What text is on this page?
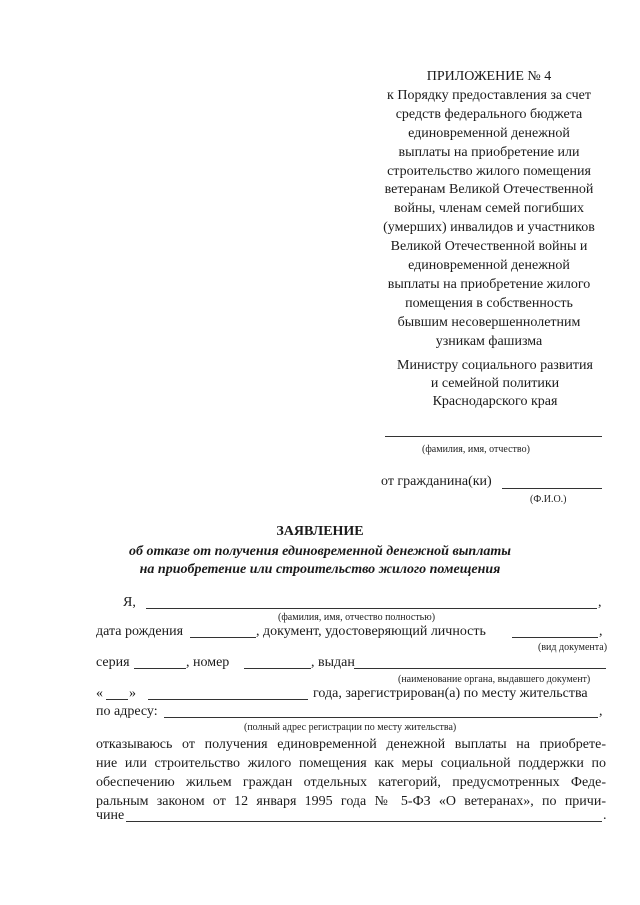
ПРИЛОЖЕНИЕ № 4
к Порядку предоставления за счет
средств федерального бюджета
единовременной денежной
выплаты на приобретение или
строительство жилого помещения
ветеранам Великой Отечественной
войны, членам семей погибших
(умерших) инвалидов и участников
Великой Отечественной войны и
единовременной денежной
выплаты на приобретение жилого
помещения в собственность
бывшим несовершеннолетним
узникам фашизма
Министру социального развития
и семейной политики
Краснодарского края
(фамилия, имя, отчество)
от гражданина(ки)
(Ф.И.О.)
ЗАЯВЛЕНИЕ
об отказе от получения единовременной денежной выплаты
на приобретение или строительство жилого помещения
Я,	,
(фамилия, имя, отчество полностью)
дата рождения	, документ, удостоверяющий личность	,
(вид документа)
серия	, номер	, выдан
(наименование органа, выдавшего документ)
« »	года, зарегистрирован(а) по месту жительства
по адресу:	,
(полный адрес регистрации по месту жительства)
отказываюсь от получения единовременной денежной выплаты на приобрете-
ние или строительство жилого помещения как меры социальной поддержки по
обеспечению жильем граждан отдельных категорий, предусмотренных Феде-
ральным законом от 12 января 1995 года № 5-ФЗ «О ветеранах», по причи-
чине	.
